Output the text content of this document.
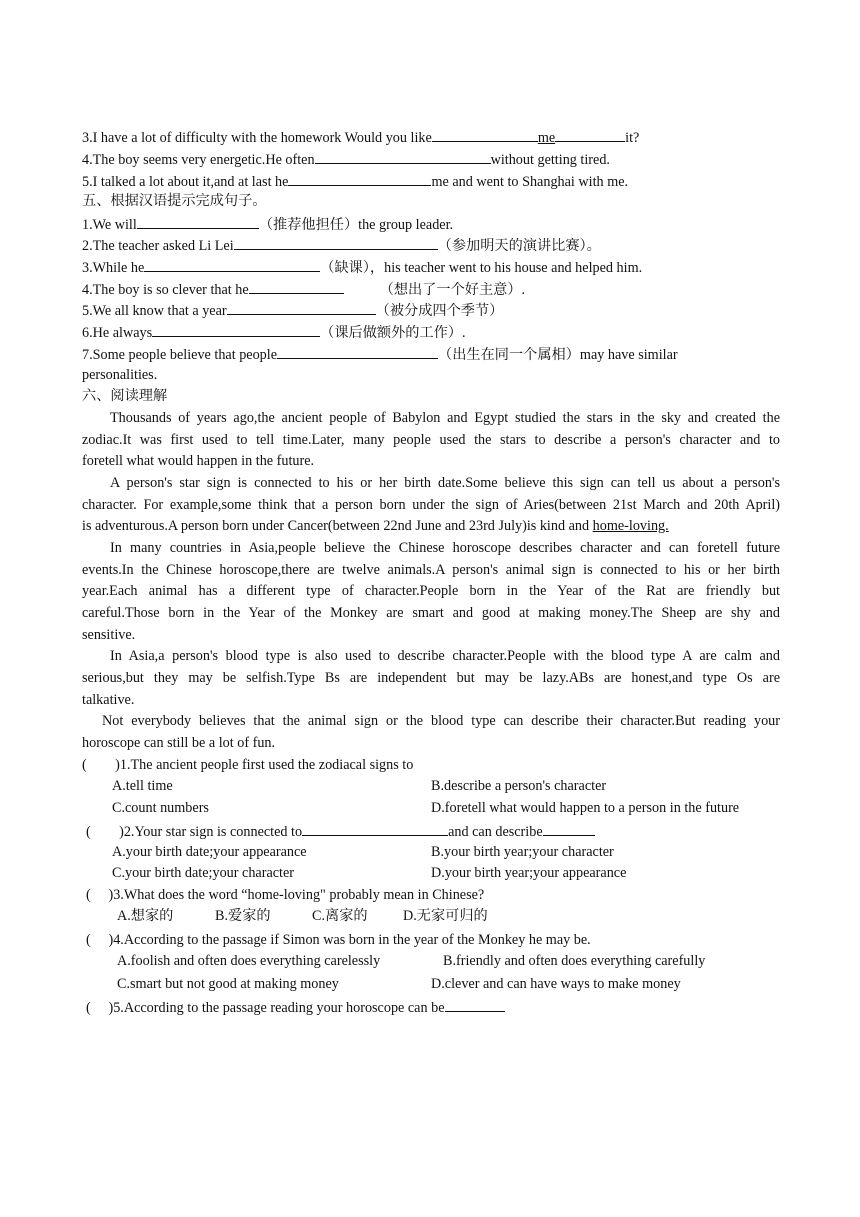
3.I have a lot of difficulty with the homework Would you like	me	it?
4.The boy seems very energetic.He often	without getting tired.
5.I talked a lot about it,and at last he	me and went to Shanghai with me.
五、根据汉语提示完成句子。
1.We will	（推荐他担任）the group leader.
2.The teacher asked Li Lei	（参加明天的演讲比赛）。
3.While he	（缺课），his teacher went to his house and helped him.
4.The boy is so clever that he	（想出了一个好主意）.
5.We all know that a year	（被分成四个季节）
6.He always	（课后做额外的工作）.
7.Some people believe that people	（出生在同一个属相）may have similar
personalities.
六、阅读理解
Thousands of years ago,the ancient people of Babylon and Egypt studied the stars in the sky and created the
zodiac.It was first used to tell time.Later, many people used the stars to describe a person's character and to
foretell what would happen in the future.
A person's star sign is connected to his or her birth date.Some believe this sign can tell us about a person's
character. For example,some think that a person born under the sign of Aries(between 21st March and 20th April)
is adventurous.A person born under Cancer(between 22nd June and 23rd July)is kind and home-loving.
In many countries in Asia,people believe the Chinese horoscope describes character and can foretell future
events.In the Chinese horoscope,there are twelve animals.A person's animal sign is connected to his or her birth
year.Each animal has a different type of character.People born in the Year of the Rat are friendly but
careful.Those born in the Year of the Monkey are smart and good at making money.The Sheep are shy and
sensitive.
In Asia,a person's blood type is also used to describe character.People with the blood type A are calm and
serious,but they may be selfish.Type Bs are independent but may be lazy.ABs are honest,and type Os are
talkative.
Not everybody believes that the animal sign or the blood type can describe their character.But reading your
horoscope can still be a lot of fun.
(        )1.The ancient people first used the zodiacal signs to
A.tell time	B.describe a person's character
C.count numbers	D.foretell what would happen to a person in the future
(        )2.Your star sign is connected to	and can describe
A.your birth date;your appearance	B.your birth year;your character
C.your birth date;your character	D.your birth year;your appearance
(     )3.What does the word “home-loving" probably mean in Chinese?
A.想家的	B.爱家的	C.离家的 D.无家可归的
(     )4.According to the passage if Simon was born in the year of the Monkey he may be.
A.foolish and often does everything carelessly	B.friendly and often does everything carefully
C.smart but not good at making money	D.clever and can have ways to make money
(     )5.According to the passage reading your horoscope can be
